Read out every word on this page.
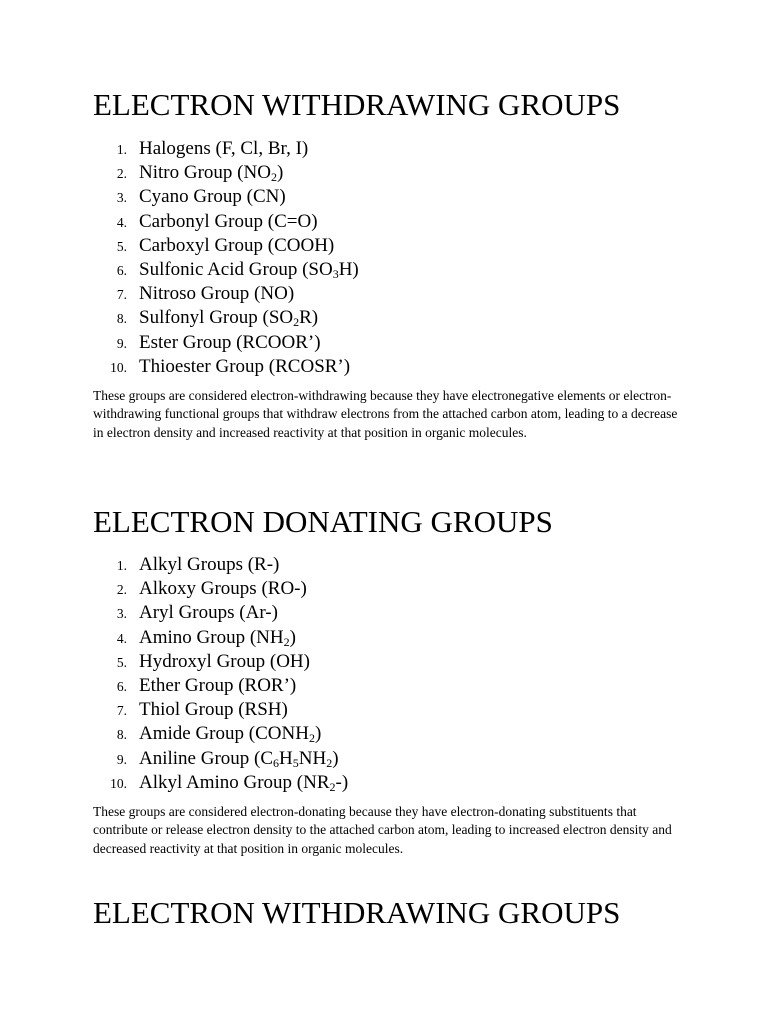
ELECTRON WITHDRAWING GROUPS
1. Halogens (F, Cl, Br, I)
2. Nitro Group $(NO_2)$
3. Cyano Group (CN)
4. Carbonyl Group (C=O)
5. Carboxyl Group (COOH)
6. Sulfonic Acid Group $(SO_3H)$
7. Nitroso Group (NO)
8. Sulfonyl Group $(SO_2R)$
9. Ester Group (RCOOR’)
10. Thioester Group (RCOSR’)

These groups are considered electron-withdrawing because they have electronegative elements or electron-withdrawing functional groups that withdraw electrons from the attached carbon atom, leading to a decrease in electron density and increased reactivity at that position in organic molecules.

ELECTRON DONATING GROUPS
1. Alkyl Groups (R-)
2. Alkoxy Groups (RO-)
3. Aryl Groups (Ar-)
4. Amino Group $(NH_2)$
5. Hydroxyl Group (OH)
6. Ether Group (ROR’)
7. Thiol Group (RSH)
8. Amide Group $(CONH_2)$
9. Aniline Group $(C_6H_5NH_2)$
10. Alkyl Amino Group $(NR_2-)$

These groups are considered electron-donating because they have electron-donating substituents that contribute or release electron density to the attached carbon atom, leading to increased electron density and decreased reactivity at that position in organic molecules.

ELECTRON WITHDRAWING GROUPS
